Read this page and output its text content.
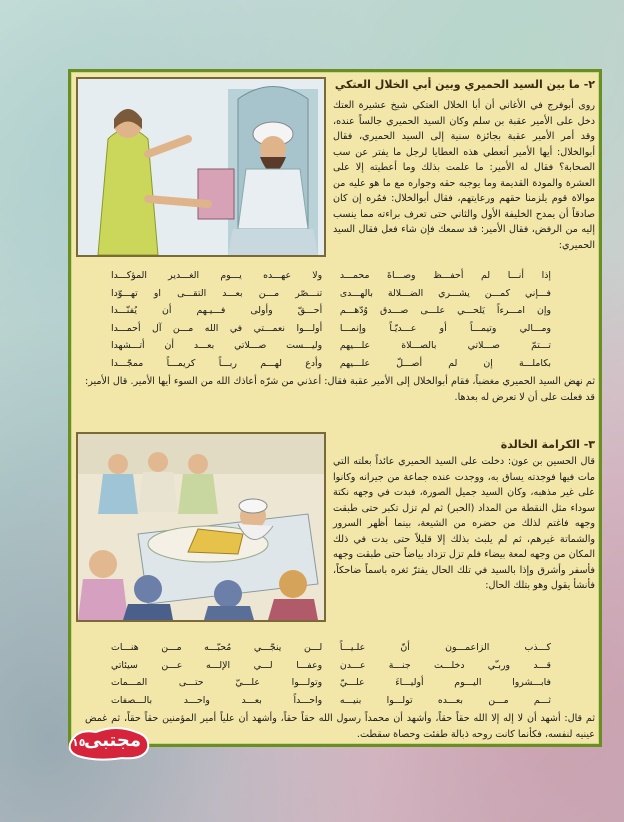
٢- ما بين السيد الحميري وبين أبي الخلال العتكي
روى أبوفرج في الأغاني أن أبا الخلال العتكي شيخ عشيرة العتك دخل على الأمير عقبة بن سلم وكان السيد الحميري جالساً عنده، وقد أمر الأمير عقبة بجائزة سنية إلى السيد الحميري، فقال أبوالخلال: أيها الأمير أتعطي هذه العطايا لرجل ما يفتر عن سب الصحابة؟ فقال له الأمير: ما علمت بذلك وما أعطيته إلا على العشرة والمودة القديمة وما يوجبه حقه وجواره مع ما هو عليه من موالاة قوم يلزمنا حقهم ورعايتهم، فقال أبوالخلال: فمُره إن كان صادقاً أن يمدح الخليفة الأول والثاني حتى تعرف براءته مما ينسب إليه من الرفض، فقال الأمير: قد سمعك فإن شاء فعل فقال السيد الحميري:
إذا أنـــا لم أحفـــظ وصـــاةَ محمـــد
ولا عهـــده يـــوم الغـــدير المؤكـــدا
فـــإني كمـــن يشـــري الضـــلالة بالهـــدى
تنـــصّر مـــن بعـــد التقـــى او تهـــوّدا
وإن امـــرءاً يَلحـــي علـــى صـــدق وُدّهـــم
أحـــقّ وأولى فـــيـهم أن يُفنّـــدا
ومـــالي وتيمـــاً أو عـــديّـاً وإنمـــا
أولـــوا نعمـــتي في الله مـــن آل أحمـــدا
تـــتمّ صـــلاتي بالصـــلاة علـــيهم
وليـــست صـــلاتي بعـــد أن أتـــشهدا
بكاملـــة إن لم أصـــلّ علـــيهم
وأدع لهـــم ربـــاً كريمـــاً ممجّـــدا
ثم نهض السيد الحميري مغضباً، فقام أبوالخلال إلى الأمير عقبة فقال: أعذني من شرّه أعاذك الله من السوء أيها الأمير. قال الأمير: قد فعلت على أن لا تعرض له بعدها.
٣- الكرامة الخالدة
قال الحسين بن عون: دخلت على السيد الحميري عائداً بعلته التي مات فيها فوجدته يساق به، ووجدت عنده جماعة من جيرانه وكانوا على غير مذهبه، وكان السيد جميل الصورة، فبدت في وجهه نكتة سوداء مثل النقطة من المداد (الحبر) ثم لم تزل تكبر حتى طبقت وجهه فاغتم لذلك من حضره من الشيعة، بينما أظهر السرور والشماتة غيرهم، ثم لم يلبث بذلك إلا قليلاً حتى بدت في ذلك المكان من وجهه لمعة بيضاء فلم تزل تزداد بياضاً حتى طبقت وجهه فأسفر وأشرق وإذا بالسيد في تلك الحال يفترّ ثغره باسماً ضاحكاً، فأنشأ يقول وهو بتلك الحال:
كـــذب الزاعمـــون أنّ علـيـــاً
لـــن ينجّـــي مُحبّـــه مـــن هنـــات
قـــد وربـّي دخلـــت جنـــة عـــدن
وعفـــا لـــي الإلـــه عـــن سيئاتي
فابـــشروا اليـــوم أوليـــاءَ علـــيّ
وتولـــوا علـــيّ حتـــى المـــمات
ثـــم مـــن بعـــده تولـــوا بنيـــه
واحـــداً بعـــد واحـــد بالـــصفات
ثم قال: أشهد أن لا إله إلا الله حقاً حقاً، وأشهد أن محمداً رسول الله حقاً حقاً، وأشهد أن علياً أمير المؤمنين حقاً حقاً، ثم غمض عينيه لنفسه، فكأنما كانت روحه ذبالة طفئت وحصاة سقطت.
مجتبى
١٥
